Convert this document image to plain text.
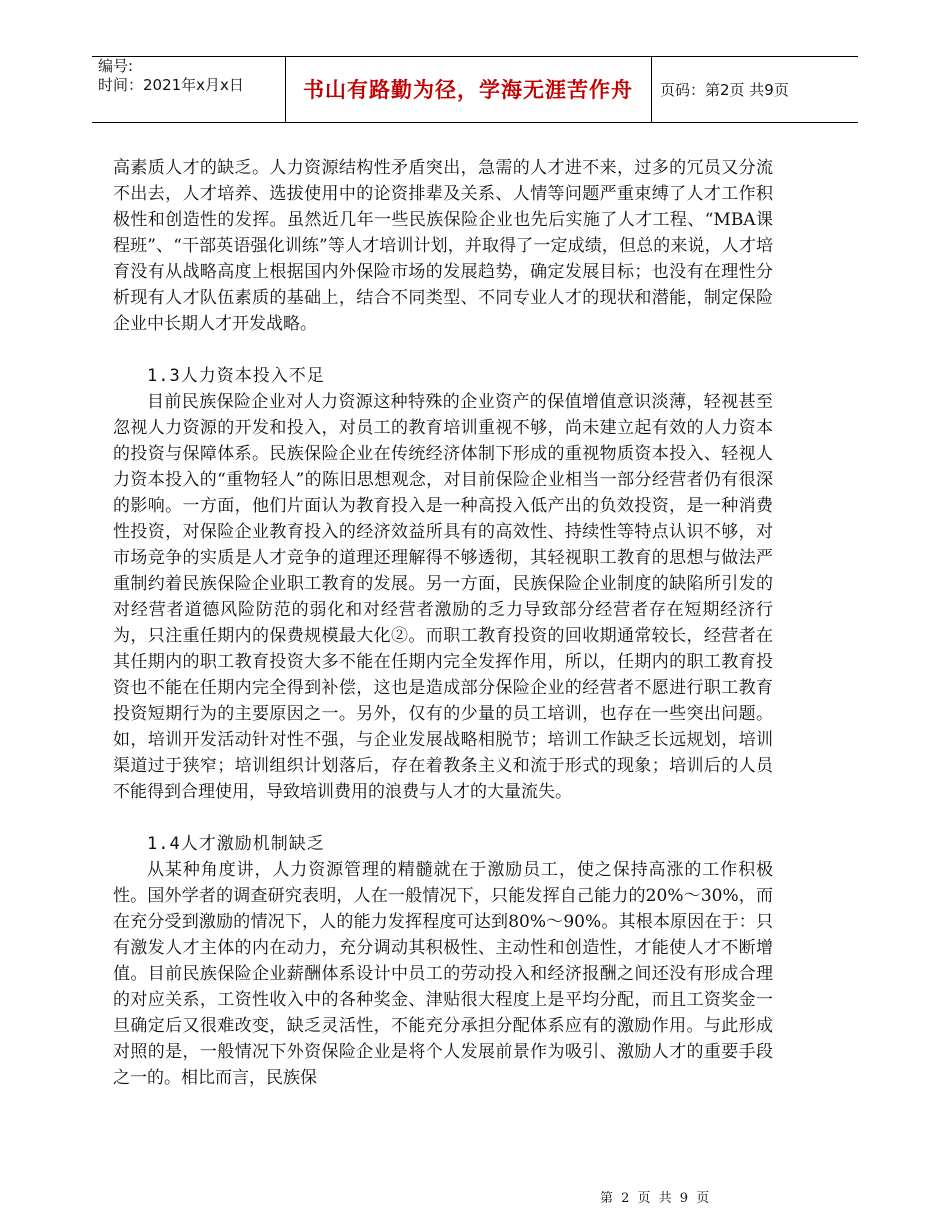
编号:
时间：2021年x月x日	书山有路勤为径，学海无涯苦作舟	页码：第2页 共9页

高素质人才的缺乏。人力资源结构性矛盾突出，急需的人才进不来，过多的冗员又分流不出去，人才培养、选拔使用中的论资排辈及关系、人情等问题严重束缚了人才工作积极性和创造性的发挥。虽然近几年一些民族保险企业也先后实施了人才工程、“MBA课程班”、“干部英语强化训练”等人才培训计划，并取得了一定成绩，但总的来说，人才培育没有从战略高度上根据国内外保险市场的发展趋势，确定发展目标；也没有在理性分析现有人才队伍素质的基础上，结合不同类型、不同专业人才的现状和潜能，制定保险企业中长期人才开发战略。

1.3人力资本投入不足

目前民族保险企业对人力资源这种特殊的企业资产的保值增值意识淡薄，轻视甚至忽视人力资源的开发和投入，对员工的教育培训重视不够，尚未建立起有效的人力资本的投资与保障体系。民族保险企业在传统经济体制下形成的重视物质资本投入、轻视人力资本投入的“重物轻人”的陈旧思想观念，对目前保险企业相当一部分经营者仍有很深的影响。一方面，他们片面认为教育投入是一种高投入低产出的负效投资，是一种消费性投资，对保险企业教育投入的经济效益所具有的高效性、持续性等特点认识不够，对市场竞争的实质是人才竞争的道理还理解得不够透彻，其轻视职工教育的思想与做法严重制约着民族保险企业职工教育的发展。另一方面，民族保险企业制度的缺陷所引发的对经营者道德风险防范的弱化和对经营者激励的乏力导致部分经营者存在短期经济行为，只注重任期内的保费规模最大化②。而职工教育投资的回收期通常较长，经营者在其任期内的职工教育投资大多不能在任期内完全发挥作用，所以，任期内的职工教育投资也不能在任期内完全得到补偿，这也是造成部分保险企业的经营者不愿进行职工教育投资短期行为的主要原因之一。另外，仅有的少量的员工培训，也存在一些突出问题。如，培训开发活动针对性不强，与企业发展战略相脱节；培训工作缺乏长远规划，培训渠道过于狭窄；培训组织计划落后，存在着教条主义和流于形式的现象；培训后的人员不能得到合理使用，导致培训费用的浪费与人才的大量流失。

1.4人才激励机制缺乏

从某种角度讲，人力资源管理的精髓就在于激励员工，使之保持高涨的工作积极性。国外学者的调查研究表明，人在一般情况下，只能发挥自己能力的20%～30%，而在充分受到激励的情况下，人的能力发挥程度可达到80%～90%。其根本原因在于：只有激发人才主体的内在动力，充分调动其积极性、主动性和创造性，才能使人才不断增值。目前民族保险企业薪酬体系设计中员工的劳动投入和经济报酬之间还没有形成合理的对应关系，工资性收入中的各种奖金、津贴很大程度上是平均分配，而且工资奖金一旦确定后又很难改变，缺乏灵活性，不能充分承担分配体系应有的激励作用。与此形成对照的是，一般情况下外资保险企业是将个人发展前景作为吸引、激励人才的重要手段之一的。相比而言，民族保

第 2 页 共 9 页
